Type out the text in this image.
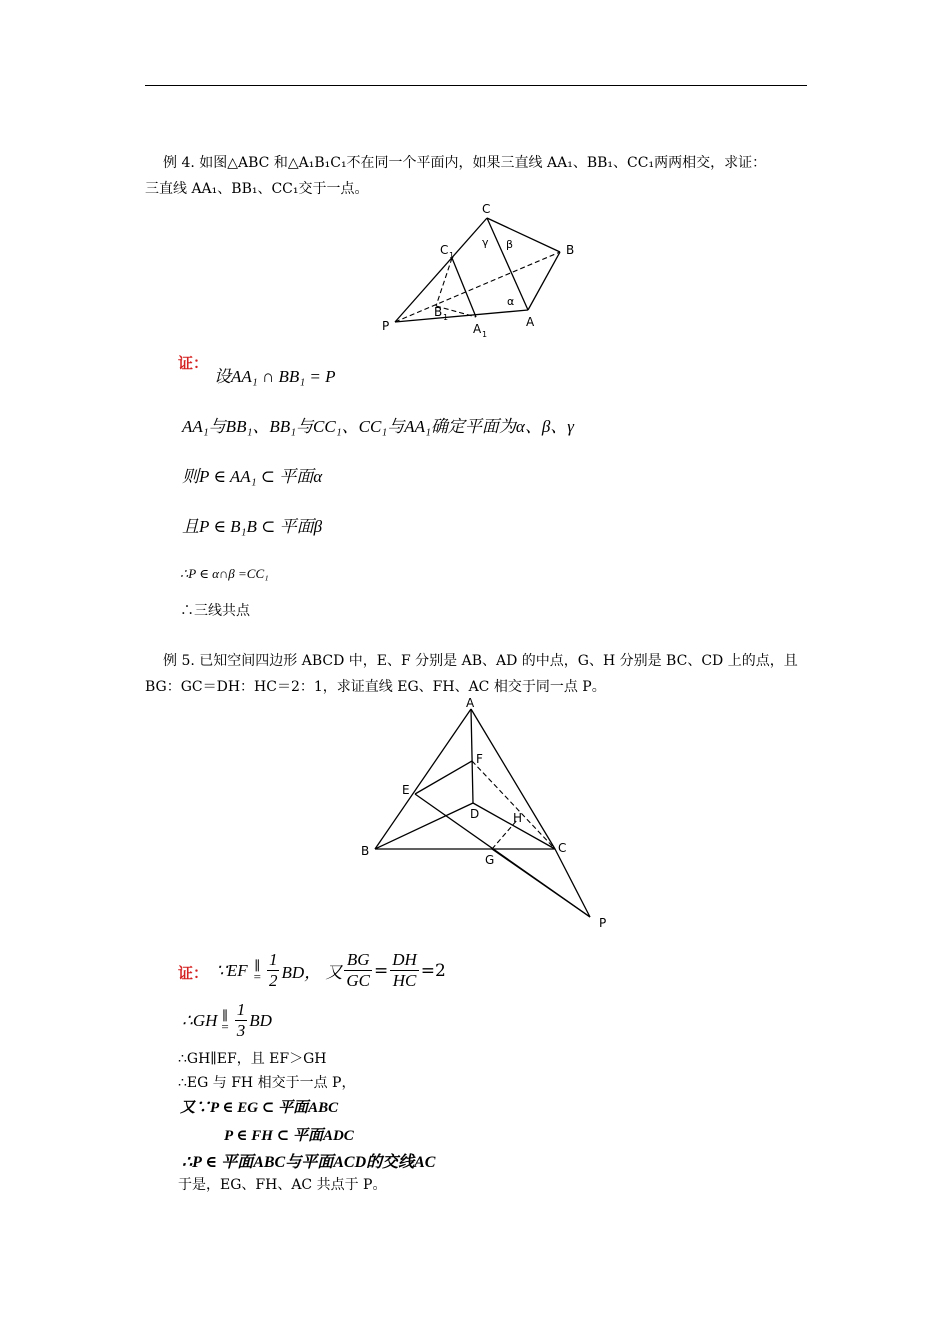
例 4. 如图△ABC 和△A₁B₁C₁不在同一个平面内，如果三直线 AA₁、BB₁、CC₁两两相交，求证：
三直线 AA₁、BB₁、CC₁交于一点。
C
C 1
γ β	B
B 1
α
P	A 1
A
证：
设AA₁ ∩ BB₁ = P
AA₁与BB₁、BB₁与CC₁、CC₁与AA₁确定平面为α、β、γ
则P ∈ AA₁ ⊂ 平面α
且P ∈ B₁B ⊂ 平面β
∴P ∈ α∩β =CC₁
∴三线共点
例 5. 已知空间四边形 ABCD 中，E、F 分别是 AB、AD 的中点，G、H 分别是 BC、CD 上的点，且
BG：GC＝DH：HC＝2：1，求证直线 EG、FH、AC 相交于同一点 P。
A
F
E
D	H
B
G
C
P
证： ∵EF ∥
= $\frac{1}{2}$ BD， 又 $\frac{BG}{GC} = \frac{DH}{HC} =2$
∴GH ∥
= $\frac{1}{3}$ BD
∴GH∥EF，且 EF＞GH
∴EG 与 FH 相交于一点 P，
又∵P ∈ EG ⊂ 平面ABC
P ∈ FH ⊂ 平面ADC
∴P ∈ 平面ABC与平面ACD的交线AC
于是，EG、FH、AC 共点于 P。
